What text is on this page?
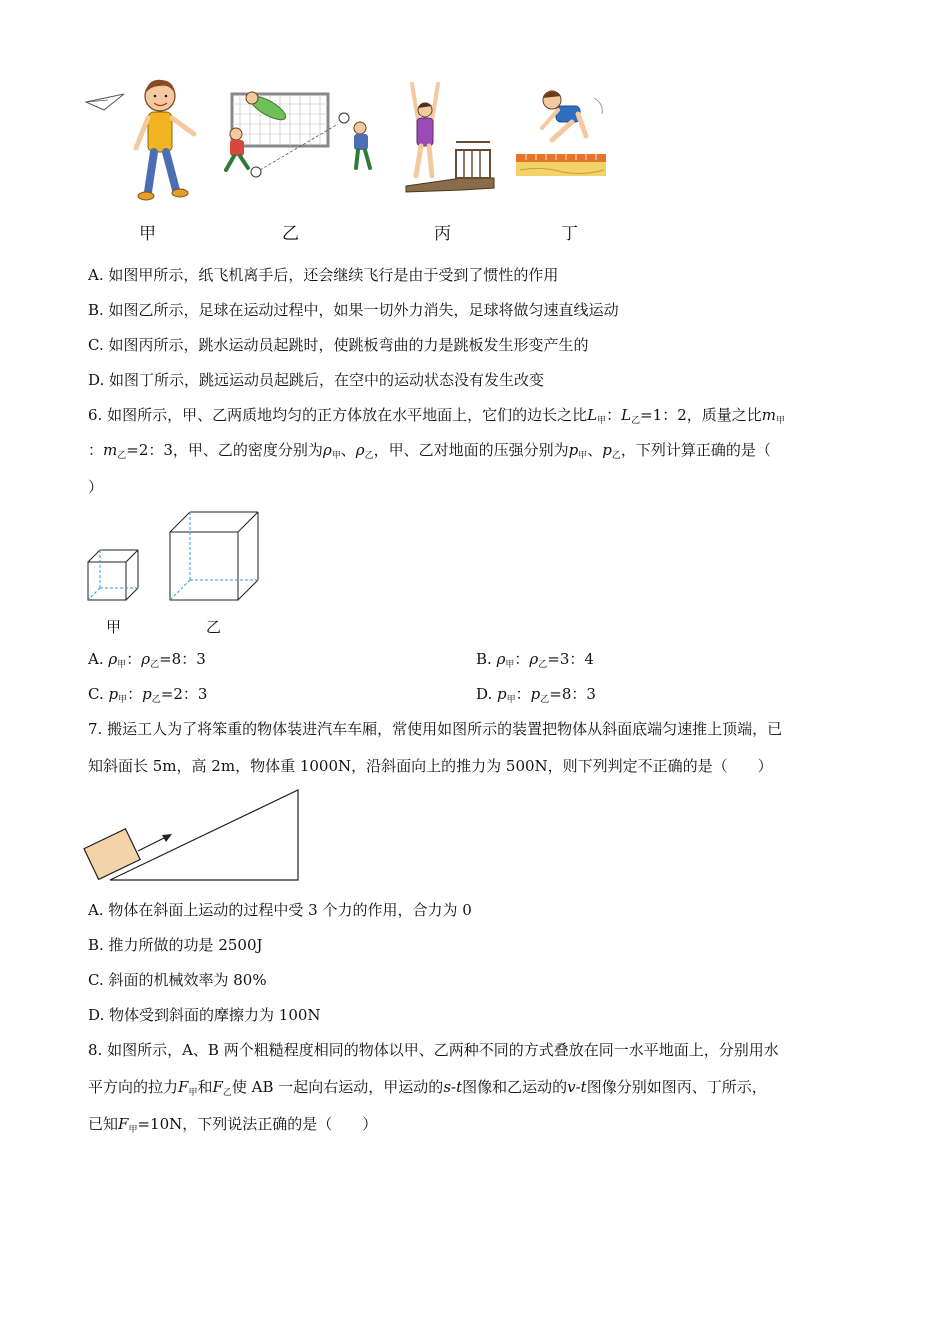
甲	乙	丙	丁
A. 如图甲所示，纸飞机离手后，还会继续飞行是由于受到了惯性的作用
B. 如图乙所示，足球在运动过程中，如果一切外力消失，足球将做匀速直线运动
C. 如图丙所示，跳水运动员起跳时，使跳板弯曲的力是跳板发生形变产生的
D. 如图丁所示，跳远运动员起跳后，在空中的运动状态没有发生改变
6. 如图所示，甲、乙两质地均匀的正方体放在水平地面上，它们的边长之比$L_甲$：$L_乙=1$：2，质量之比$m_甲$
：$m_乙=2$：3，甲、乙的密度分别为$\rho_甲$、$\rho_乙$，甲、乙对地面的压强分别为$p_甲$、$p_乙$，下列计算正确的是（
）
甲	乙
A. $\rho_甲$：$\rho_乙=8$：3	B. $\rho_甲$：$\rho_乙=3$：4
C. $p_甲$：$p_乙=2$：3	D. $p_甲$：$p_乙=8$：3
7. 搬运工人为了将笨重的物体装进汽车车厢，常使用如图所示的装置把物体从斜面底端匀速推上顶端，已
知斜面长 5m，高 2m，物体重 1000N，沿斜面向上的推力为 500N，则下列判定不正确的是（　　）
A. 物体在斜面上运动的过程中受 3 个力的作用，合力为 0
B. 推力所做的功是 2500J
C. 斜面的机械效率为 80%
D. 物体受到斜面的摩擦力为 100N
8. 如图所示，A、B 两个粗糙程度相同的物体以甲、乙两种不同的方式叠放在同一水平地面上，分别用水
平方向的拉力$F_甲$和$F_乙$使 AB 一起向右运动，甲运动的s-t图像和乙运动的v-t图像分别如图丙、丁所示，
已知$F_甲=10N$，下列说法正确的是（　　）
